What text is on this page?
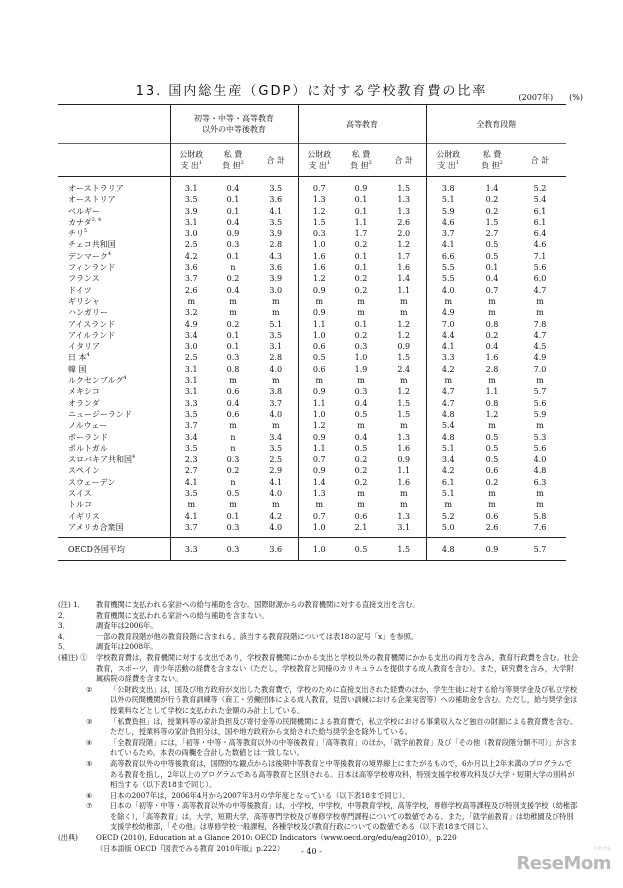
13. 国内総生産（GDP）に対する学校教育費の比率	(2007年)　　(%)
	初等・中等・高等教育
以外の中等後教育			高等教育			全教育段階		
	公財政
支 出$^1$	私 費
負 担$^2$	合 計	公財政
支 出$^1$	私 費
負 担$^2$	合 計	公財政
支 出$^1$	私 費
負 担$^2$	合 計
オーストラリア	3.1	0.4	3.5	0.7	0.9	1.5	3.8	1.4	5.2
オーストリア	3.5	0.1	3.6	1.3	0.1	1.3	5.1	0.2	5.4
ベルギー	3.9	0.1	4.1	1.2	0.1	1.3	5.9	0.2	6.1
カナダ$^{3, 4}$	3.1	0.4	3.5	1.5	1.1	2.6	4.6	1.5	6.1
チリ$^5$	3.0	0.9	3.9	0.3	1.7	2.0	3.7	2.7	6.4
チェコ共和国	2.5	0.3	2.8	1.0	0.2	1.2	4.1	0.5	4.6
デンマーク$^4$	4.2	0.1	4.3	1.6	0.1	1.7	6.6	0.5	7.1
フィンランド	3.6	n	3.6	1.6	0.1	1.6	5.5	0.1	5.6
フランス	3.7	0.2	3.9	1.2	0.2	1.4	5.5	0.4	6.0
ドイツ	2.6	0.4	3.0	0.9	0.2	1.1	4.0	0.7	4.7
ギリシャ	m	m	m	m	m	m	m	m	m
ハンガリー	3.2	m	m	0.9	m	m	4.9	m	m
アイスランド	4.9	0.2	5.1	1.1	0.1	1.2	7.0	0.8	7.8
アイルランド	3.4	0.1	3.5	1.0	0.2	1.2	4.4	0.2	4.7
イタリア	3.0	0.1	3.1	0.6	0.3	0.9	4.1	0.4	4.5
日 本$^4$	2.5	0.3	2.8	0.5	1.0	1.5	3.3	1.6	4.9
韓 国	3.1	0.8	4.0	0.6	1.9	2.4	4.2	2.8	7.0
ルクセンブルグ$^4$	3.1	m	m	m	m	m	m	m	m
メキシコ	3.1	0.6	3.8	0.9	0.3	1.2	4.7	1.1	5.7
オランダ	3.3	0.4	3.7	1.1	0.4	1.5	4.7	0.8	5.6
ニュージーランド	3.5	0.6	4.0	1.0	0.5	1.5	4.8	1.2	5.9
ノルウェー	3.7	m	m	1.2	m	m	5.4	m	m
ポーランド	3.4	n	3.4	0.9	0.4	1.3	4.8	0.5	5.3
ポルトガル	3.5	n	3.5	1.1	0.5	1.6	5.1	0.5	5.6
スロバキア共和国$^4$	2.3	0.3	2.5	0.7	0.2	0.9	3.4	0.5	4.0
スペイン	2.7	0.2	2.9	0.9	0.2	1.1	4.2	0.6	4.8
スウェーデン	4.1	n	4.1	1.4	0.2	1.6	6.1	0.2	6.3
スイス	3.5	0.5	4.0	1.3	m	m	5.1	m	m
トルコ	m	m	m	m	m	m	m	m	m
イギリス	4.1	0.1	4.2	0.7	0.6	1.3	5.2	0.6	5.8
アメリカ合衆国	3.7	0.3	4.0	1.0	2.1	3.1	5.0	2.6	7.6
OECD各国平均	3.3	0.3	3.6	1.0	0.5	1.5	4.8	0.9	5.7
(注) 1．	教育機関に支払われる家計への給与補助を含む。国際財源からの教育機関に対する直接支出を含む。
2．	教育機関に支払われる家計への給与補助を含まない。
3．	調査年は2006年。
4．	一部の教育段階が他の教育段階に含まれる。該当する教育段階については表18の記号「x」を参照。
5．	調査年は2008年。
(補注) ①	学校教育費は，教育機関に対する支出であり，学校教育機関にかかる支出と学校以外の教育機関にかかる支出の両方を含み，教育行政費を含む。社会教育，スポーツ，青少年活動の経費を含まない（ただし，学校教育と同様のカリキュラムを提供する成人教育を含む）。また，研究費を含み，大学附属病院の経費を含まない。
②	「公財政支出」は，国及び地方政府が支出した教育費で，学校のために直接支出された経費のほか，学生生徒に対する給与等奨学金及び私立学校以外の民間機関が行う教育訓練等（商工・労働団体による成人教育，見習い訓練における企業実習等）への補助金を含む。ただし，給与奨学金は授業料などとして学校に支払われた金額のみ計上している。
③	「私費負担」は，授業料等の家計負担及び寄付金等の民間機関による教育費で，私立学校における事業収入など独自の財源による教育費を含む。ただし，授業料等の家計負担分は，国や地方政府から支給された給与奨学金を除外している。
④	「全教育段階」には，「初等・中等・高等教育以外の中等後教育」「高等教育」のほか，「就学前教育」及び「その他（教育段階分類不可）」が含まれているため，本表の両欄を合計した数値とは一致しない。
⑤	高等教育以外の中等後教育は，国際的な観点からは後期中等教育と中等後教育の境界線上にまたがるもので，6か月以上2年未満のプログラムである教育を指し，2年以上のプログラムである高等教育と区別される。日本は高等学校専攻科，特別支援学校専攻科及び大学・短期大学の別科が相当する（以下表18まで同じ）。
⑥	日本の2007年は，2006年4月から2007年3月の学年度となっている（以下表18まで同じ）。
⑦	日本の「初等・中等・高等教育以外の中等後教育」は，小学校，中学校，中等教育学校，高等学校，専修学校高等課程及び特別支援学校（幼稚部を除く），「高等教育」は，大学，短期大学，高等専門学校及び専修学校専門課程についての数値である。また，「就学前教育」は幼稚園及び特別支援学校幼稚部，「その他」は専修学校一般課程，各種学校及び教育行政についての数値である（以下表18まで同じ）。
(出典)	OECD (2010), Education at a Glance 2010: OECD Indicators（www.oecd.org/edu/eag2010），p.220
（日本語版 OECD『図表でみる教育 2010年版』p.222）	- 40 -
ReseMom
リセマム
